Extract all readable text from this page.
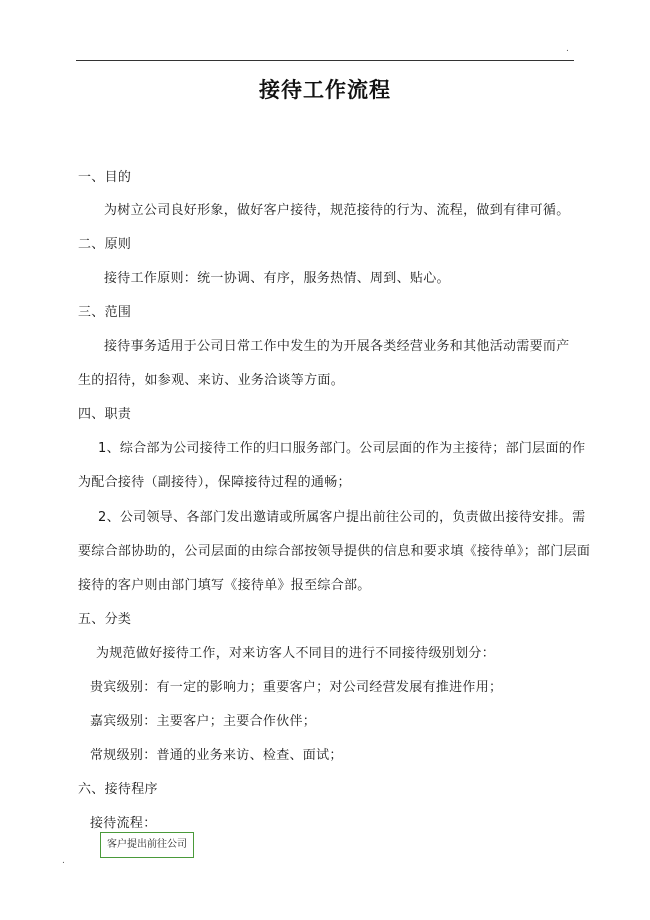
.
接待工作流程
一、目的
为树立公司良好形象，做好客户接待，规范接待的行为、流程，做到有律可循。
二、原则
接待工作原则：统一协调、有序，服务热情、周到、贴心。
三、范围
接待事务适用于公司日常工作中发生的为开展各类经营业务和其他活动需要而产
生的招待，如参观、来访、业务洽谈等方面。
四、职责
1、综合部为公司接待工作的归口服务部门。公司层面的作为主接待；部门层面的作
为配合接待（副接待），保障接待过程的通畅；
2、公司领导、各部门发出邀请或所属客户提出前往公司的，负责做出接待安排。需
要综合部协助的，公司层面的由综合部按领导提供的信息和要求填《接待单》；部门层面
接待的客户则由部门填写《接待单》报至综合部。
五、分类
为规范做好接待工作，对来访客人不同目的进行不同接待级别划分：
贵宾级别：有一定的影响力；重要客户；对公司经营发展有推进作用；
嘉宾级别：主要客户；主要合作伙伴；
常规级别：普通的业务来访、检查、面试；
六、接待程序
接待流程：
客户提出前往公司
.
